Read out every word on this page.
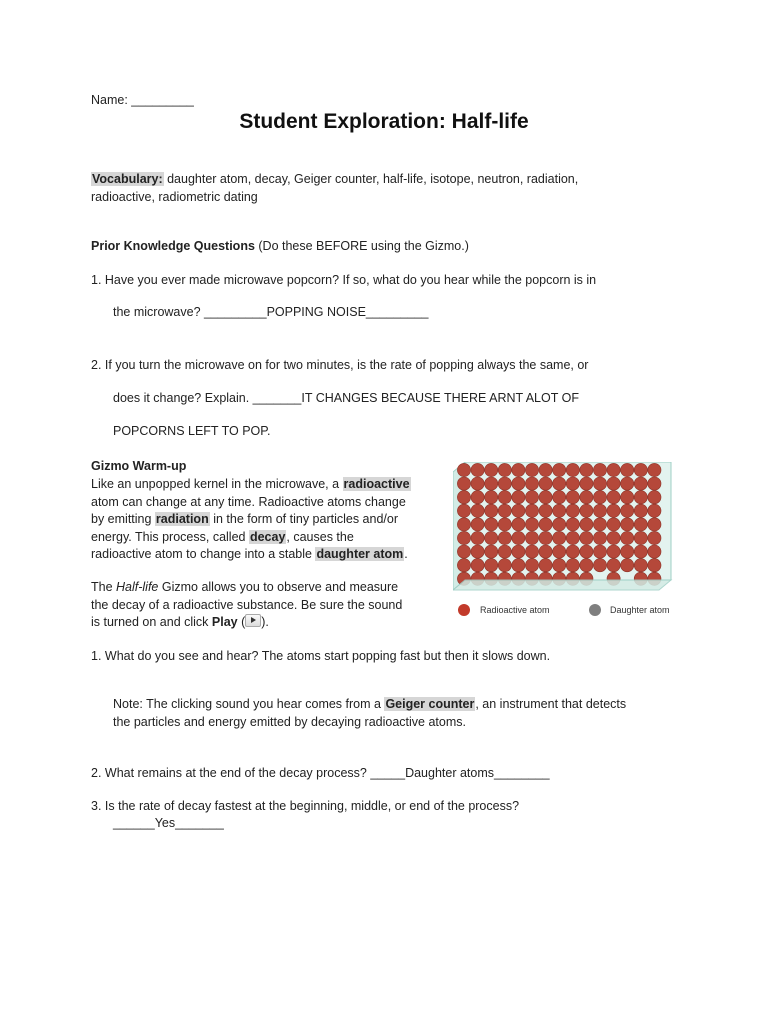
Name: _________
Student Exploration: Half-life
Vocabulary: daughter atom, decay, Geiger counter, half-life, isotope, neutron, radiation,
radioactive, radiometric dating
Prior Knowledge Questions (Do these BEFORE using the Gizmo.)
1. Have you ever made microwave popcorn? If so, what do you hear while the popcorn is in
the microwave? _________POPPING NOISE_________
2. If you turn the microwave on for two minutes, is the rate of popping always the same, or
does it change? Explain. _______IT CHANGES BECAUSE THERE ARNT ALOT OF
POPCORNS LEFT TO POP.
Gizmo Warm-up
Like an unpopped kernel in the microwave, a radioactive
atom can change at any time. Radioactive atoms change
by emitting radiation in the form of tiny particles and/or
energy. This process, called decay, causes the
radioactive atom to change into a stable daughter atom.
The Half-life Gizmo allows you to observe and measure
the decay of a radioactive substance. Be sure the sound
is turned on and click Play ( ).
Radioactive atom	Daughter atom
1. What do you see and hear? The atoms start popping fast but then it slows down.
Note: The clicking sound you hear comes from a Geiger counter, an instrument that detects
the particles and energy emitted by decaying radioactive atoms.
2. What remains at the end of the decay process? _____Daughter atoms________
3. Is the rate of decay fastest at the beginning, middle, or end of the process?
______Yes_______
